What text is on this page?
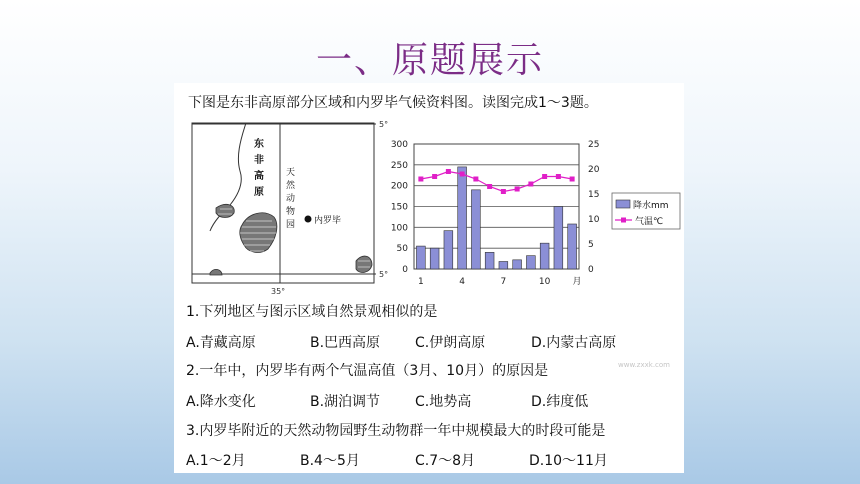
一、原题展示
下图是东非高原部分区域和内罗毕气候资料图。读图完成1～3题。
5°
5°
35°
东
非
高
原
天
然
动
物
园 内罗毕
300
250
200
150
100
50
0
25
20
15
10
5
0
1	4	7	10 月
降水mm
气温℃
www.zxxk.com
1.下列地区与图示区域自然景观相似的是
A.青藏高原	B.巴西高原 C.伊朗高原	D.内蒙古高原
2.一年中，内罗毕有两个气温高值（3月、10月）的原因是
A.降水变化	B.湖泊调节 C.地势高	D.纬度低
3.内罗毕附近的天然动物园野生动物群一年中规模最大的时段可能是
A.1～2月	B.4～5月	C.7～8月	D.10～11月
